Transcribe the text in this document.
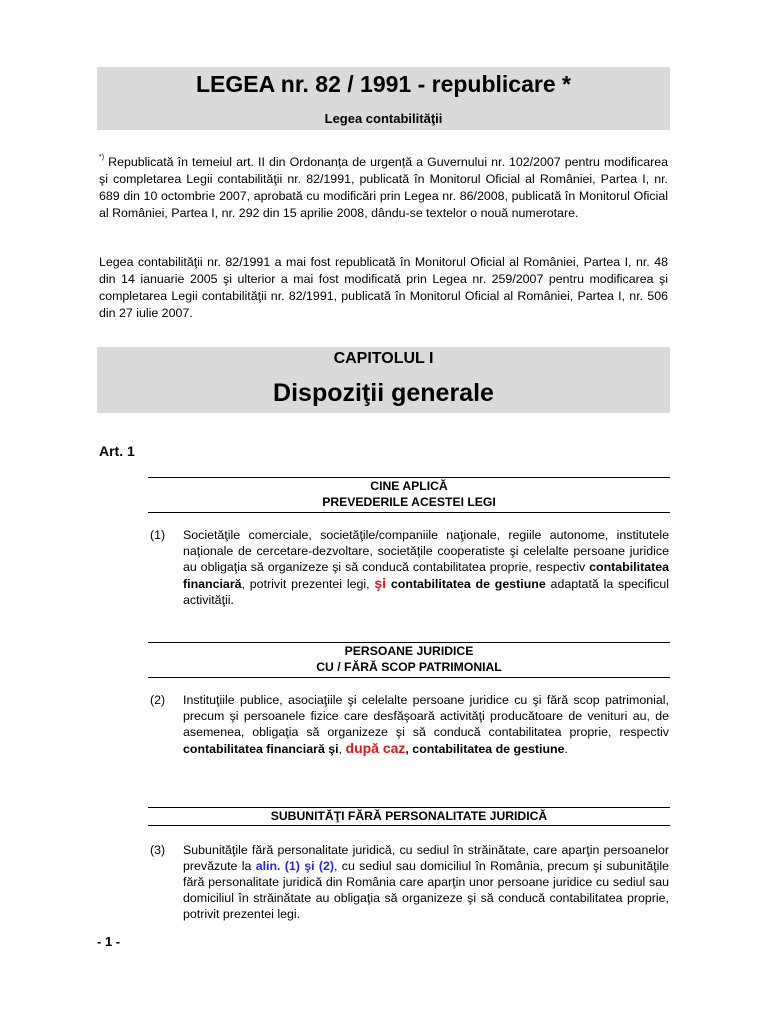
LEGEA nr. 82 / 1991 - republicare *
Legea contabilităţii
*) Republicată în temeiul art. II din Ordonanța de urgență a Guvernului nr. 102/2007 pentru modificarea şi completarea Legii contabilităţii nr. 82/1991, publicată în Monitorul Oficial al României, Partea I, nr. 689 din 10 octombrie 2007, aprobată cu modificări prin Legea nr. 86/2008, publicată în Monitorul Oficial al României, Partea I, nr. 292 din 15 aprilie 2008, dându-se textelor o nouă numerotare.
Legea contabilităţii nr. 82/1991 a mai fost republicată în Monitorul Oficial al României, Partea I, nr. 48 din 14 ianuarie 2005 şi ulterior a mai fost modificată prin Legea nr. 259/2007 pentru modificarea şi completarea Legii contabilităţii nr. 82/1991, publicată în Monitorul Oficial al României, Partea I, nr. 506 din 27 iulie 2007.
CAPITOLUL I
Dispoziţii generale
Art. 1
CINE APLICĂ
PREVEDERILE ACESTEI LEGI
(1) Societăţile comerciale, societăţile/companiile naţionale, regiile autonome, institutele naţionale de cercetare-dezvoltare, societăţile cooperatiste şi celelalte persoane juridice au obligaţia să organizeze şi să conducă contabilitatea proprie, respectiv contabilitatea financiară, potrivit prezentei legi, şi contabilitatea de gestiune adaptată la specificul activităţii.
PERSOANE JURIDICE
CU / FĂRĂ SCOP PATRIMONIAL
(2) Instituţiile publice, asociaţiile şi celelalte persoane juridice cu şi fără scop patrimonial, precum şi persoanele fizice care desfăşoară activităţi producătoare de venituri au, de asemenea, obligaţia să organizeze şi să conducă contabilitatea proprie, respectiv contabilitatea financiară şi, după caz, contabilitatea de gestiune.
SUBUNITĂŢI FĂRĂ PERSONALITATE JURIDICĂ
(3) Subunităţile fără personalitate juridică, cu sediul în străinătate, care aparţin persoanelor prevăzute la alin. (1) şi (2), cu sediul sau domiciliul în România, precum şi subunităţile fără personalitate juridică din România care aparţin unor persoane juridice cu sediul sau domiciliul în străinătate au obligaţia să organizeze şi să conducă contabilitatea proprie, potrivit prezentei legi.
- 1 -
